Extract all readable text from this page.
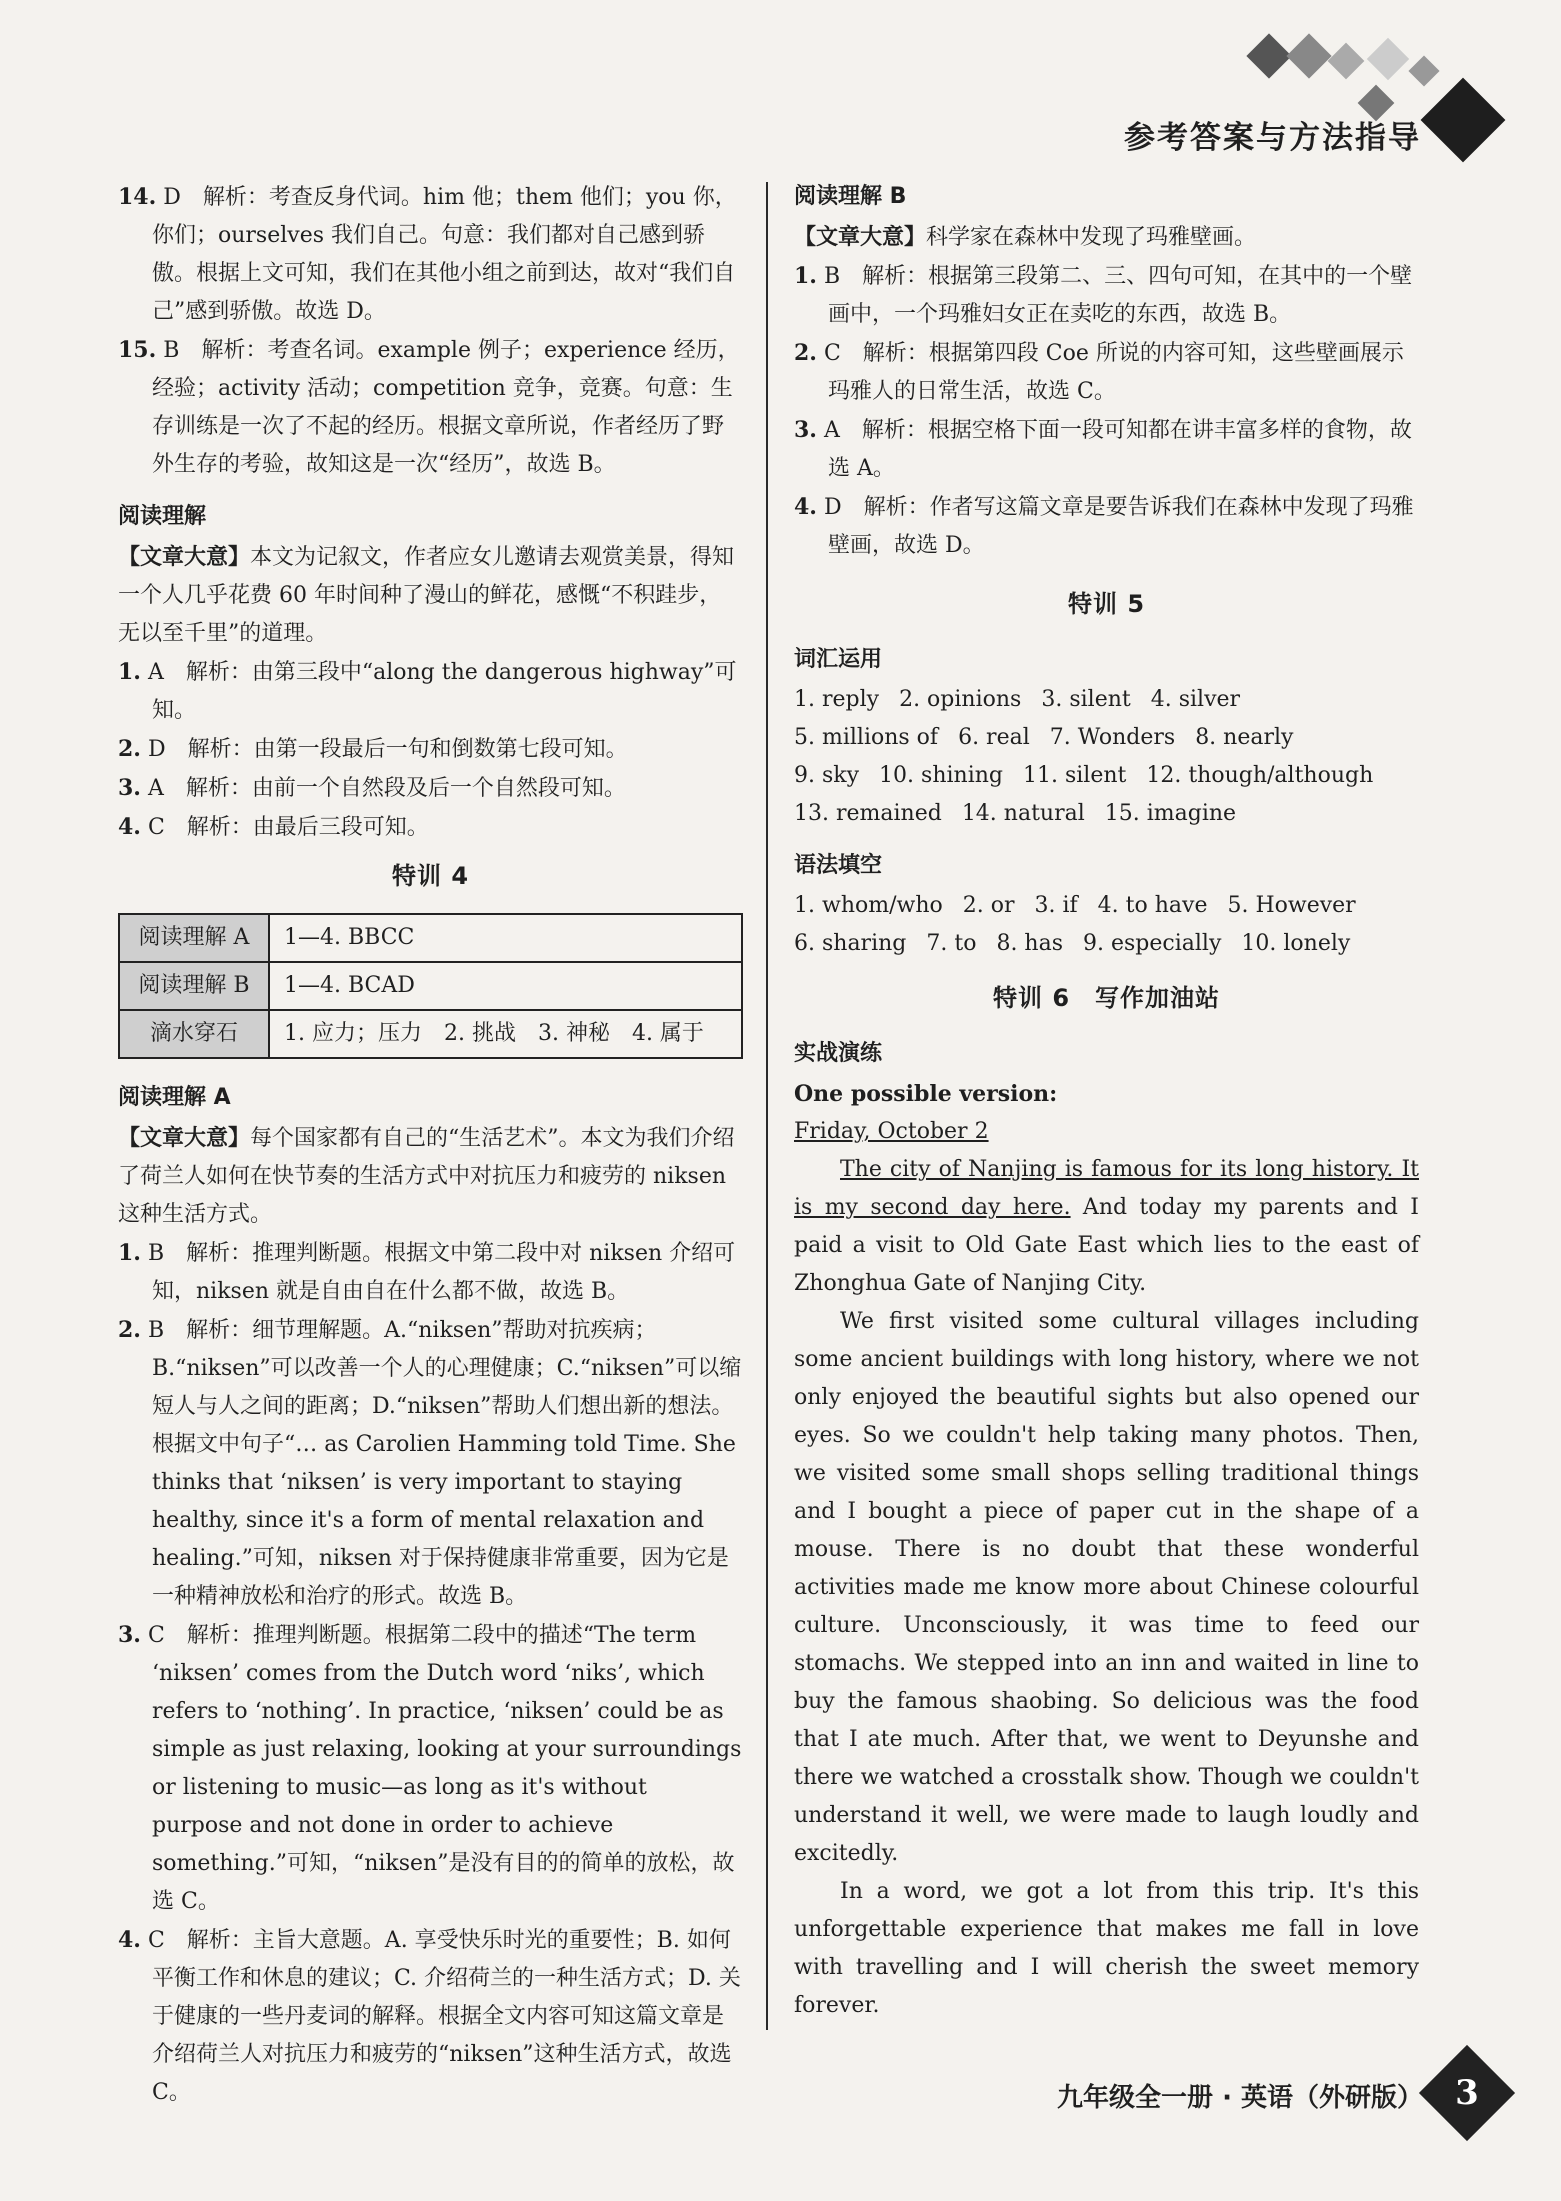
参考答案与方法指导

14. D　解析：考查反身代词。him 他；them 他们；you 你，你们；ourselves 我们自己。句意：我们都对自己感到骄傲。根据上文可知，我们在其他小组之前到达，故对“我们自己”感到骄傲。故选 D。

15. B　解析：考查名词。example 例子；experience 经历，经验；activity 活动；competition 竞争，竞赛。句意：生存训练是一次了不起的经历。根据文章所说，作者经历了野外生存的考验，故知这是一次“经历”，故选 B。

阅读理解

【文章大意】本文为记叙文，作者应女儿邀请去观赏美景，得知一个人几乎花费 60 年时间种了漫山的鲜花，感慨“不积跬步，无以至千里”的道理。

1. A　解析：由第三段中“along the dangerous highway”可知。

2. D　解析：由第一段最后一句和倒数第七段可知。

3. A　解析：由前一个自然段及后一个自然段可知。

4. C　解析：由最后三段可知。

特训 4

阅读理解 A	1—4. BBCC
阅读理解 B	1—4. BCAD
滴水穿石	1. 应力；压力　2. 挑战　3. 神秘　4. 属于

阅读理解 A

【文章大意】每个国家都有自己的“生活艺术”。本文为我们介绍了荷兰人如何在快节奏的生活方式中对抗压力和疲劳的 niksen 这种生活方式。

1. B　解析：推理判断题。根据文中第二段中对 niksen 介绍可知，niksen 就是自由自在什么都不做，故选 B。

2. B　解析：细节理解题。A.“niksen”帮助对抗疾病；B.“niksen”可以改善一个人的心理健康；C.“niksen”可以缩短人与人之间的距离；D.“niksen”帮助人们想出新的想法。根据文中句子“… as Carolien Hamming told Time. She thinks that ‘niksen’ is very important to staying healthy, since it's a form of mental relaxation and healing.”可知，niksen 对于保持健康非常重要，因为它是一种精神放松和治疗的形式。故选 B。

3. C　解析：推理判断题。根据第二段中的描述“The term ‘niksen’ comes from the Dutch word ‘niks’, which refers to ‘nothing’. In practice, ‘niksen’ could be as simple as just relaxing, looking at your surroundings or listening to music—as long as it's without purpose and not done in order to achieve something.”可知，“niksen”是没有目的的简单的放松，故选 C。

4. C　解析：主旨大意题。A. 享受快乐时光的重要性；B. 如何平衡工作和休息的建议；C. 介绍荷兰的一种生活方式；D. 关于健康的一些丹麦词的解释。根据全文内容可知这篇文章是介绍荷兰人对抗压力和疲劳的“niksen”这种生活方式，故选 C。

阅读理解 B

【文章大意】科学家在森林中发现了玛雅壁画。

1. B　解析：根据第三段第二、三、四句可知，在其中的一个壁画中，一个玛雅妇女正在卖吃的东西，故选 B。

2. C　解析：根据第四段 Coe 所说的内容可知，这些壁画展示玛雅人的日常生活，故选 C。

3. A　解析：根据空格下面一段可知都在讲丰富多样的食物，故选 A。

4. D　解析：作者写这篇文章是要告诉我们在森林中发现了玛雅壁画，故选 D。

特训 5

词汇运用

1. reply 2. opinions 3. silent 4. silver

5. millions of 6. real 7. Wonders 8. nearly

9. sky 10. shining 11. silent 12. though/although

13. remained 14. natural 15. imagine

语法填空

1. whom/who 2. or 3. if 4. to have 5. However

6. sharing 7. to 8. has 9. especially 10. lonely

特训 6　写作加油站

实战演练

One possible version:

Friday, October 2

The city of Nanjing is famous for its long history. It is my second day here. And today my parents and I paid a visit to Old Gate East which lies to the east of Zhonghua Gate of Nanjing City.

We first visited some cultural villages including some ancient buildings with long history, where we not only enjoyed the beautiful sights but also opened our eyes. So we couldn't help taking many photos. Then, we visited some small shops selling traditional things and I bought a piece of paper cut in the shape of a mouse. There is no doubt that these wonderful activities made me know more about Chinese colourful culture. Unconsciously, it was time to feed our stomachs. We stepped into an inn and waited in line to buy the famous shaobing. So delicious was the food that I ate much. After that, we went to Deyunshe and there we watched a crosstalk show. Though we couldn't understand it well, we were made to laugh loudly and excitedly.

In a word, we got a lot from this trip. It's this unforgettable experience that makes me fall in love with travelling and I will cherish the sweet memory forever.

九年级全一册 · 英语（外研版） 3
